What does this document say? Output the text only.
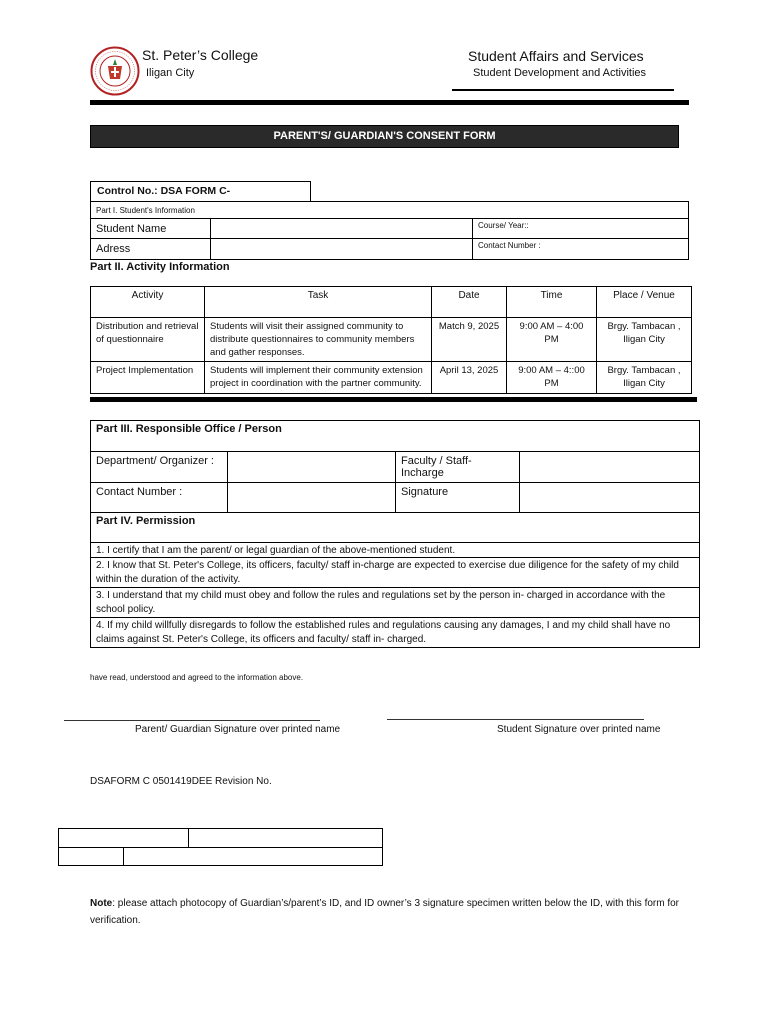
St. Peter’s College
Iligan City
Student Affairs and Services
Student Development and Activities
PARENT'S/ GUARDIAN'S CONSENT FORM
Control No.: DSA FORM C-
Part I. Student's Information		
Student Name		Course/ Year::
Adress		Contact Number :
Part II. Activity Information
Activity	Task	Date	Time	Place / Venue
Distribution and retrieval of questionnaire	Students will visit their assigned community to distribute questionnaires to community members and gather responses.	Match 9, 2025	9:00 AM – 4:00 PM	Brgy. Tambacan , Iligan City
Project Implementation	Students will implement their community extension project in coordination with the partner community.	April 13, 2025	9:00 AM – 4::00 PM	Brgy. Tambacan , Iligan City
Part III. Responsible Office / Person			
Department/ Organizer :		Faculty / Staff- Incharge	
Contact Number :		Signature	
Part IV. Permission			
1. I certify that I am the parent/ or legal guardian of the above-mentioned student.			
2. I know that St. Peter's College, its officers, faculty/ staff in-charge are expected to exercise due diligence for the safety of my child within the duration of the activity.			
3. I understand that my child must obey and follow the rules and regulations set by the person in- charged in accordance with the school policy.			
4. If my child willfully disregards to follow the established rules and regulations causing any damages, I and my child shall have no claims against St. Peter's College, its officers and faculty/ staff in- charged.			
have read, understood and agreed to the information above.
Parent/ Guardian Signature over printed name	Student Signature over printed name
DSAFORM C 0501419DEE Revision No.
Note: please attach photocopy of Guardian’s/parent’s ID, and ID owner’s 3 signature specimen written below the ID, with this form for verification.
